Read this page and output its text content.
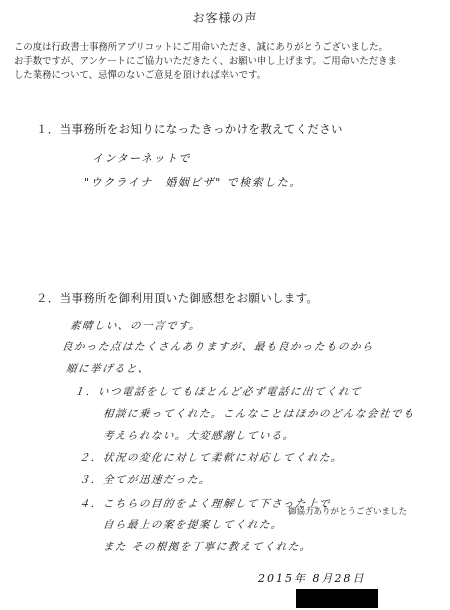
お客様の声
この度は行政書士事務所アプリコットにご用命いただき、誠にありがとうございました。
お手数ですが、アンケートにご協力いただきたく、お願い申し上げます。ご用命いただきま
した業務について、忌憚のないご意見を頂ければ幸いです。
１．当事務所をお知りになったきっかけを教えてください
インターネットで
"ウクライナ　婚姻ビザ" で検索した。
２．当事務所を御利用頂いた御感想をお願いします。
素晴しい、の一言です。
良かった点はたくさんありますが、最も良かったものから
順に挙げると、
１．いつ電話をしてもほとんど必ず電話に出てくれて
相談に乗ってくれた。こんなことはほかのどんな会社でも
考えられない。大変感謝している。
２．状況の変化に対して柔軟に対応してくれた。
３．全てが迅速だった。
４．こちらの目的をよく理解して下さった上で
自ら最上の案を提案してくれた。
また その根拠を丁寧に教えてくれた。
御協力ありがとうございました
2015年 8月28日
